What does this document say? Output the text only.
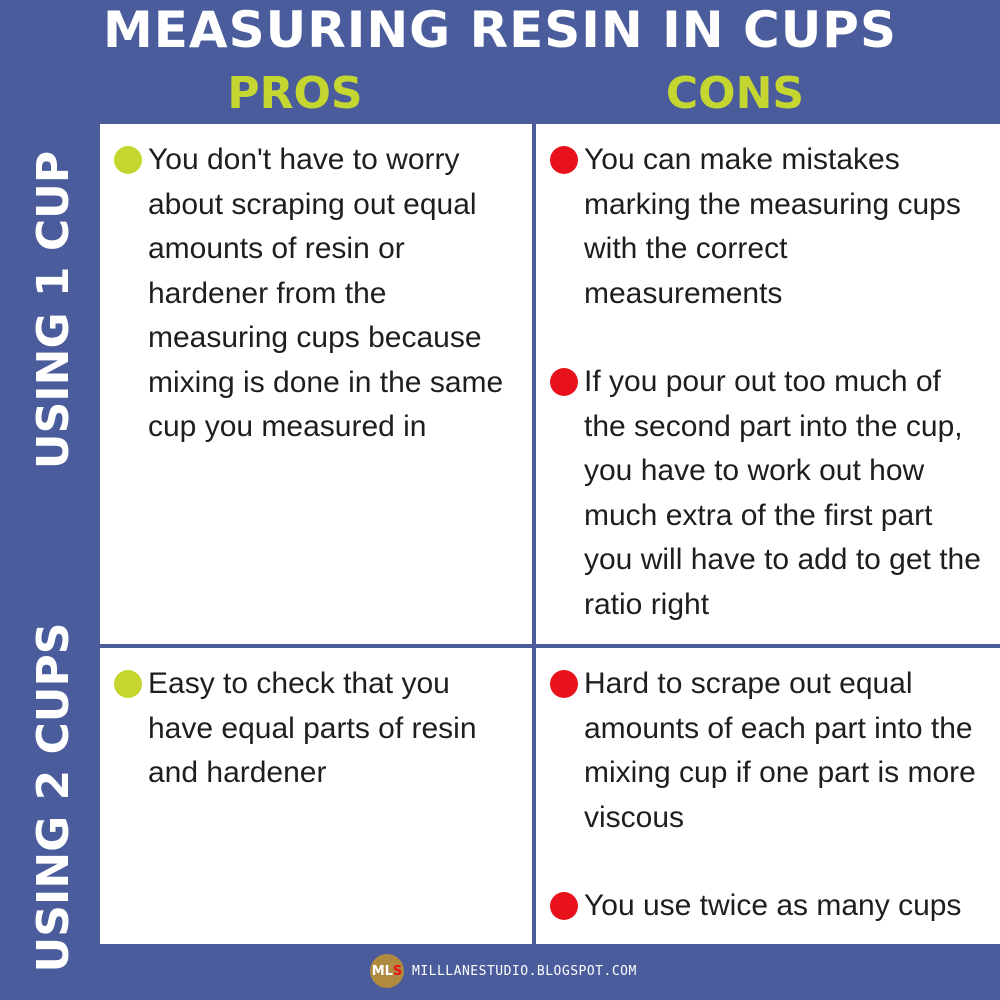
MEASURING RESIN IN CUPS
PROS	CONS
USING 1 CUP
USING 2 CUPS
You don't have to worry about scraping out equal amounts of resin or hardener from the measuring cups because mixing is done in the same cup you measured in
You can make mistakes marking the measuring cups with the correct measurements
If you pour out too much of the second part into the cup, you have to work out how much extra of the first part you will have to add to get the ratio right
Easy to check that you have equal parts of resin and hardener
Hard to scrape out equal amounts of each part into the mixing cup if one part is more viscous
You use twice as many cups
ML S MILLLANESTUDIO.BLOGSPOT.COM
